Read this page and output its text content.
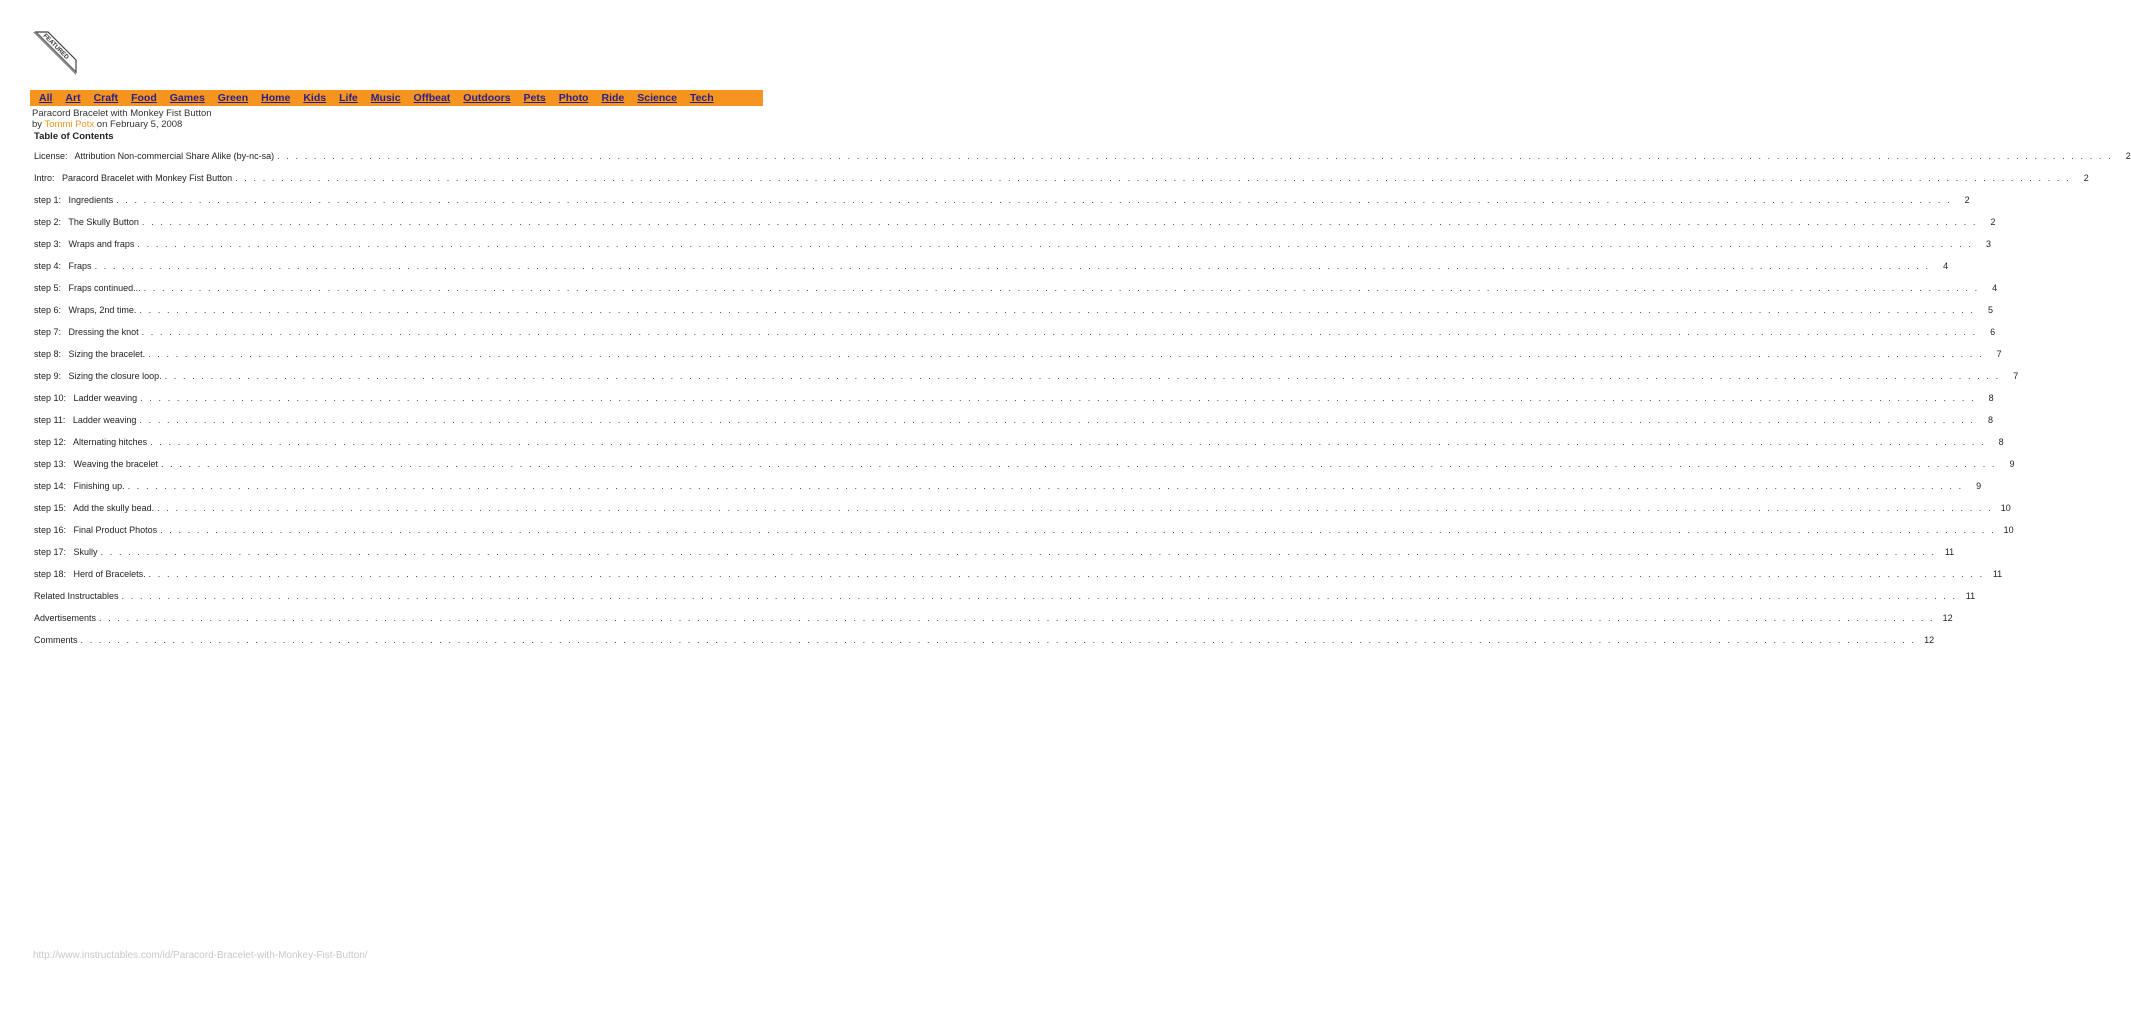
FEATURED
All Art Craft Food Games Green Home Kids Life Music Offbeat Outdoors Pets Photo Ride Science Tech
Paracord Bracelet with Monkey Fist Button
by Tommi Potx on February 5, 2008
Table of Contents
License: Attribution Non-commercial Share Alike (by-nc-sa) . . . . . . . . . . . . . . . . . . . . . . . . . . . . . . . . . . . . . . . . . . . . . . . . . . . . . . . . . . . . . . . . . . . . . . . . . . . . . . . . . . . . . . . . . . . . . . . . . . . . . . . . . . . . . . . . . . . . . . . . . . . . . . . . . . . . . . . . . . . . . . . . . . . . . . . . . . . . . . . . . . . . . . . . . . . . . . . . . . . . . . . . . . . . . . . . . . . . . . . .	2
Intro: Paracord Bracelet with Monkey Fist Button . . . . . . . . . . . . . . . . . . . . . . . . . . . . . . . . . . . . . . . . . . . . . . . . . . . . . . . . . . . . . . . . . . . . . . . . . . . . . . . . . . . . . . . . . . . . . . . . . . . . . . . . . . . . . . . . . . . . . . . . . . . . . . . . . . . . . . . . . . . . . . . . . . . . . . . . . . . . . . . . . . . . . . . . . . . . . . . . . . . . . . . . . . . . . . . . . . . . . . . .	2
step 1: Ingredients . . . . . . . . . . . . . . . . . . . . . . . . . . . . . . . . . . . . . . . . . . . . . . . . . . . . . . . . . . . . . . . . . . . . . . . . . . . . . . . . . . . . . . . . . . . . . . . . . . . . . . . . . . . . . . . . . . . . . . . . . . . . . . . . . . . . . . . . . . . . . . . . . . . . . . . . . . . . . . . . . . . . . . . . . . . . . . . . . . . . . . . . . . . . . . . . . . . . . . . .	2
step 2: The Skully Button . . . . . . . . . . . . . . . . . . . . . . . . . . . . . . . . . . . . . . . . . . . . . . . . . . . . . . . . . . . . . . . . . . . . . . . . . . . . . . . . . . . . . . . . . . . . . . . . . . . . . . . . . . . . . . . . . . . . . . . . . . . . . . . . . . . . . . . . . . . . . . . . . . . . . . . . . . . . . . . . . . . . . . . . . . . . . . . . . . . . . . . . . . . . . . . . . . . . . . . .	2
step 3: Wraps and fraps . . . . . . . . . . . . . . . . . . . . . . . . . . . . . . . . . . . . . . . . . . . . . . . . . . . . . . . . . . . . . . . . . . . . . . . . . . . . . . . . . . . . . . . . . . . . . . . . . . . . . . . . . . . . . . . . . . . . . . . . . . . . . . . . . . . . . . . . . . . . . . . . . . . . . . . . . . . . . . . . . . . . . . . . . . . . . . . . . . . . . . . . . . . . . . . . . . . . . . . .	3
step 4: Fraps . . . . . . . . . . . . . . . . . . . . . . . . . . . . . . . . . . . . . . . . . . . . . . . . . . . . . . . . . . . . . . . . . . . . . . . . . . . . . . . . . . . . . . . . . . . . . . . . . . . . . . . . . . . . . . . . . . . . . . . . . . . . . . . . . . . . . . . . . . . . . . . . . . . . . . . . . . . . . . . . . . . . . . . . . . . . . . . . . . . . . . . . . . . . . . . . . . . . . . . .	4
step 5: Fraps continued... . . . . . . . . . . . . . . . . . . . . . . . . . . . . . . . . . . . . . . . . . . . . . . . . . . . . . . . . . . . . . . . . . . . . . . . . . . . . . . . . . . . . . . . . . . . . . . . . . . . . . . . . . . . . . . . . . . . . . . . . . . . . . . . . . . . . . . . . . . . . . . . . . . . . . . . . . . . . . . . . . . . . . . . . . . . . . . . . . . . . . . . . . . . . . . . . . . . . . . . .	4
step 6: Wraps, 2nd time. . . . . . . . . . . . . . . . . . . . . . . . . . . . . . . . . . . . . . . . . . . . . . . . . . . . . . . . . . . . . . . . . . . . . . . . . . . . . . . . . . . . . . . . . . . . . . . . . . . . . . . . . . . . . . . . . . . . . . . . . . . . . . . . . . . . . . . . . . . . . . . . . . . . . . . . . . . . . . . . . . . . . . . . . . . . . . . . . . . . . . . . . . . . . . . . . . . . . . . . .	5
step 7: Dressing the knot . . . . . . . . . . . . . . . . . . . . . . . . . . . . . . . . . . . . . . . . . . . . . . . . . . . . . . . . . . . . . . . . . . . . . . . . . . . . . . . . . . . . . . . . . . . . . . . . . . . . . . . . . . . . . . . . . . . . . . . . . . . . . . . . . . . . . . . . . . . . . . . . . . . . . . . . . . . . . . . . . . . . . . . . . . . . . . . . . . . . . . . . . . . . . . . . . . . . . . . .	6
step 8: Sizing the bracelet. . . . . . . . . . . . . . . . . . . . . . . . . . . . . . . . . . . . . . . . . . . . . . . . . . . . . . . . . . . . . . . . . . . . . . . . . . . . . . . . . . . . . . . . . . . . . . . . . . . . . . . . . . . . . . . . . . . . . . . . . . . . . . . . . . . . . . . . . . . . . . . . . . . . . . . . . . . . . . . . . . . . . . . . . . . . . . . . . . . . . . . . . . . . . . . . . . . . . . . . .	7
step 9: Sizing the closure loop. . . . . . . . . . . . . . . . . . . . . . . . . . . . . . . . . . . . . . . . . . . . . . . . . . . . . . . . . . . . . . . . . . . . . . . . . . . . . . . . . . . . . . . . . . . . . . . . . . . . . . . . . . . . . . . . . . . . . . . . . . . . . . . . . . . . . . . . . . . . . . . . . . . . . . . . . . . . . . . . . . . . . . . . . . . . . . . . . . . . . . . . . . . . . . . . . . . . . . . . .	7
step 10: Ladder weaving . . . . . . . . . . . . . . . . . . . . . . . . . . . . . . . . . . . . . . . . . . . . . . . . . . . . . . . . . . . . . . . . . . . . . . . . . . . . . . . . . . . . . . . . . . . . . . . . . . . . . . . . . . . . . . . . . . . . . . . . . . . . . . . . . . . . . . . . . . . . . . . . . . . . . . . . . . . . . . . . . . . . . . . . . . . . . . . . . . . . . . . . . . . . . . . . . . . . . . . .	8
step 11: Ladder weaving . . . . . . . . . . . . . . . . . . . . . . . . . . . . . . . . . . . . . . . . . . . . . . . . . . . . . . . . . . . . . . . . . . . . . . . . . . . . . . . . . . . . . . . . . . . . . . . . . . . . . . . . . . . . . . . . . . . . . . . . . . . . . . . . . . . . . . . . . . . . . . . . . . . . . . . . . . . . . . . . . . . . . . . . . . . . . . . . . . . . . . . . . . . . . . . . . . . . . . . .	8
step 12: Alternating hitches . . . . . . . . . . . . . . . . . . . . . . . . . . . . . . . . . . . . . . . . . . . . . . . . . . . . . . . . . . . . . . . . . . . . . . . . . . . . . . . . . . . . . . . . . . . . . . . . . . . . . . . . . . . . . . . . . . . . . . . . . . . . . . . . . . . . . . . . . . . . . . . . . . . . . . . . . . . . . . . . . . . . . . . . . . . . . . . . . . . . . . . . . . . . . . . . . . . . . . . .	8
step 13: Weaving the bracelet . . . . . . . . . . . . . . . . . . . . . . . . . . . . . . . . . . . . . . . . . . . . . . . . . . . . . . . . . . . . . . . . . . . . . . . . . . . . . . . . . . . . . . . . . . . . . . . . . . . . . . . . . . . . . . . . . . . . . . . . . . . . . . . . . . . . . . . . . . . . . . . . . . . . . . . . . . . . . . . . . . . . . . . . . . . . . . . . . . . . . . . . . . . . . . . . . . . . . . . .	9
step 14: Finishing up. . . . . . . . . . . . . . . . . . . . . . . . . . . . . . . . . . . . . . . . . . . . . . . . . . . . . . . . . . . . . . . . . . . . . . . . . . . . . . . . . . . . . . . . . . . . . . . . . . . . . . . . . . . . . . . . . . . . . . . . . . . . . . . . . . . . . . . . . . . . . . . . . . . . . . . . . . . . . . . . . . . . . . . . . . . . . . . . . . . . . . . . . . . . . . . . . . . . . . . . .	9
step 15: Add the skully bead. . . . . . . . . . . . . . . . . . . . . . . . . . . . . . . . . . . . . . . . . . . . . . . . . . . . . . . . . . . . . . . . . . . . . . . . . . . . . . . . . . . . . . . . . . . . . . . . . . . . . . . . . . . . . . . . . . . . . . . . . . . . . . . . . . . . . . . . . . . . . . . . . . . . . . . . . . . . . . . . . . . . . . . . . . . . . . . . . . . . . . . . . . . . . . . . . . . . . . . . . 10
step 16: Final Product Photos . . . . . . . . . . . . . . . . . . . . . . . . . . . . . . . . . . . . . . . . . . . . . . . . . . . . . . . . . . . . . . . . . . . . . . . . . . . . . . . . . . . . . . . . . . . . . . . . . . . . . . . . . . . . . . . . . . . . . . . . . . . . . . . . . . . . . . . . . . . . . . . . . . . . . . . . . . . . . . . . . . . . . . . . . . . . . . . . . . . . . . . . . . . . . . . . . . . . . . . . 10
step 17: Skully . . . . . . . . . . . . . . . . . . . . . . . . . . . . . . . . . . . . . . . . . . . . . . . . . . . . . . . . . . . . . . . . . . . . . . . . . . . . . . . . . . . . . . . . . . . . . . . . . . . . . . . . . . . . . . . . . . . . . . . . . . . . . . . . . . . . . . . . . . . . . . . . . . . . . . . . . . . . . . . . . . . . . . . . . . . . . . . . . . . . . . . . . . . . . . . . . . . . . . . . 11
step 18: Herd of Bracelets. . . . . . . . . . . . . . . . . . . . . . . . . . . . . . . . . . . . . . . . . . . . . . . . . . . . . . . . . . . . . . . . . . . . . . . . . . . . . . . . . . . . . . . . . . . . . . . . . . . . . . . . . . . . . . . . . . . . . . . . . . . . . . . . . . . . . . . . . . . . . . . . . . . . . . . . . . . . . . . . . . . . . . . . . . . . . . . . . . . . . . . . . . . . . . . . . . . . . . . . . 11
Related Instructables . . . . . . . . . . . . . . . . . . . . . . . . . . . . . . . . . . . . . . . . . . . . . . . . . . . . . . . . . . . . . . . . . . . . . . . . . . . . . . . . . . . . . . . . . . . . . . . . . . . . . . . . . . . . . . . . . . . . . . . . . . . . . . . . . . . . . . . . . . . . . . . . . . . . . . . . . . . . . . . . . . . . . . . . . . . . . . . . . . . . . . . . . . . . . . . . . . . . . . . . 11
Advertisements . . . . . . . . . . . . . . . . . . . . . . . . . . . . . . . . . . . . . . . . . . . . . . . . . . . . . . . . . . . . . . . . . . . . . . . . . . . . . . . . . . . . . . . . . . . . . . . . . . . . . . . . . . . . . . . . . . . . . . . . . . . . . . . . . . . . . . . . . . . . . . . . . . . . . . . . . . . . . . . . . . . . . . . . . . . . . . . . . . . . . . . . . . . . . . . . . . . . . . . . 12
Comments . . . . . . . . . . . . . . . . . . . . . . . . . . . . . . . . . . . . . . . . . . . . . . . . . . . . . . . . . . . . . . . . . . . . . . . . . . . . . . . . . . . . . . . . . . . . . . . . . . . . . . . . . . . . . . . . . . . . . . . . . . . . . . . . . . . . . . . . . . . . . . . . . . . . . . . . . . . . . . . . . . . . . . . . . . . . . . . . . . . . . . . . . . . . . . . . . . . . . . . . 12
http://www.instructables.com/id/Paracord-Bracelet-with-Monkey-Fist-Button/
